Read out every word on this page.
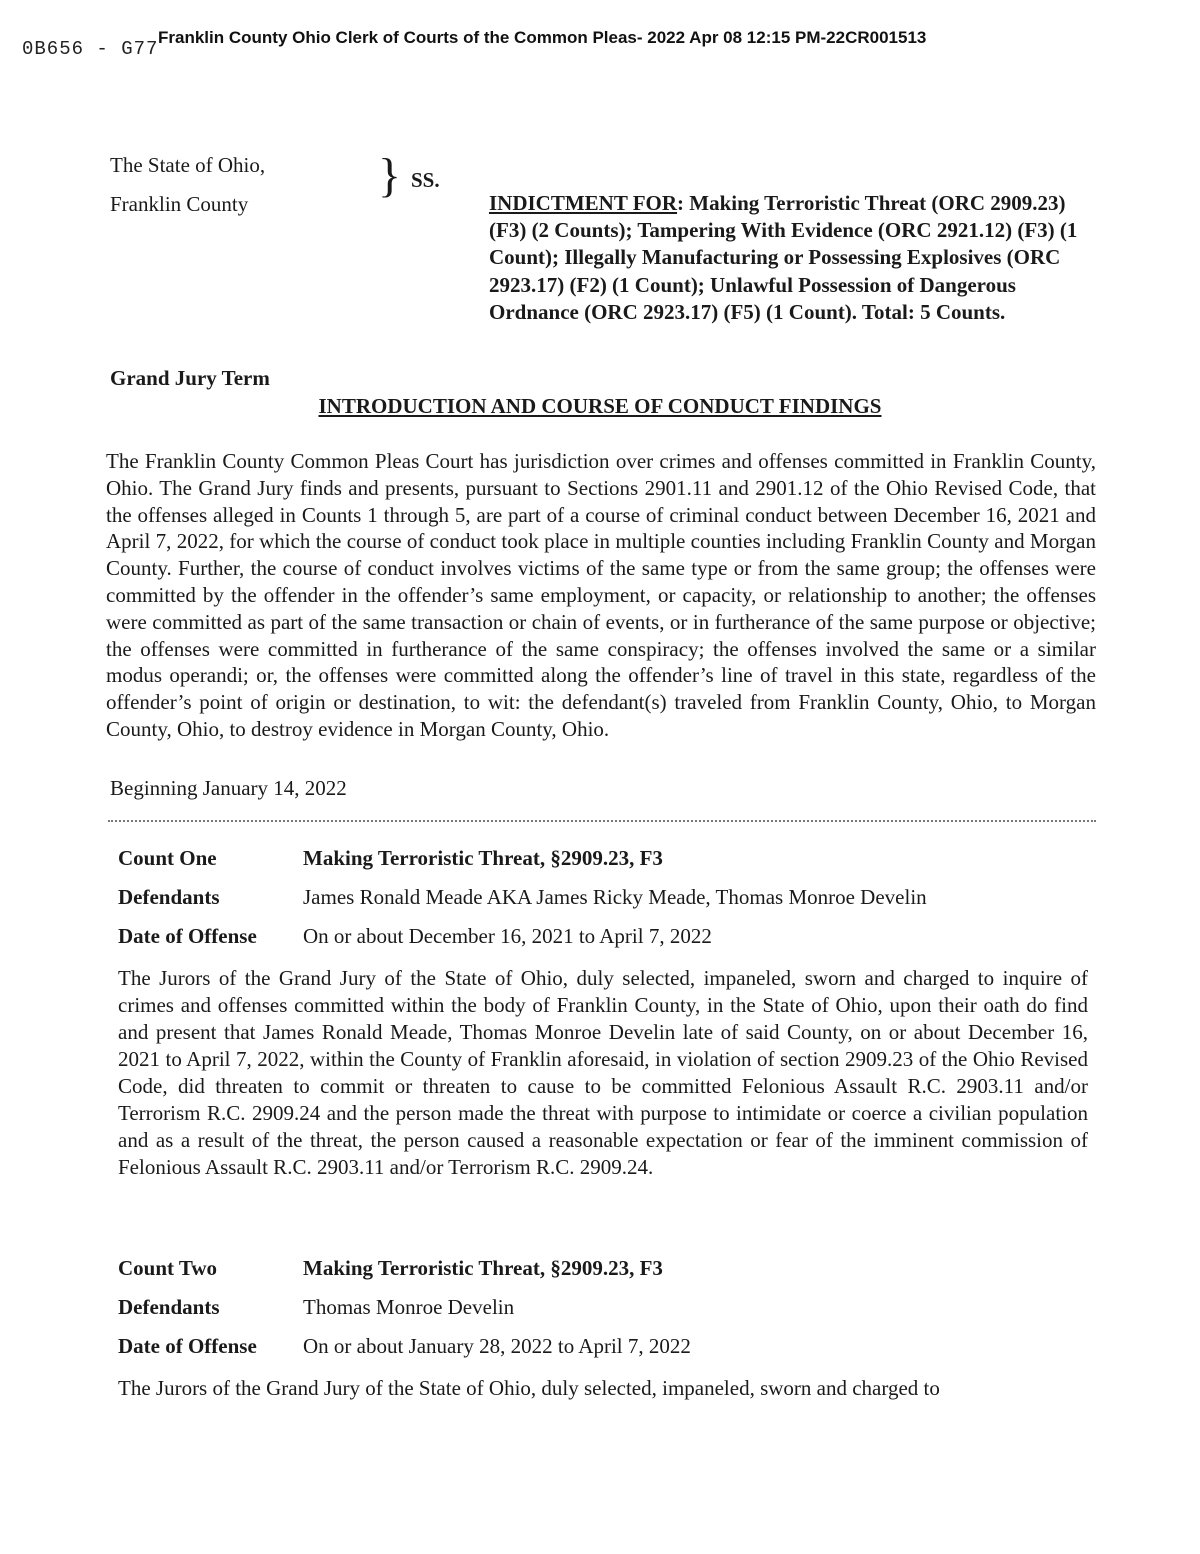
0B656 - G77
Franklin County Ohio Clerk of Courts of the Common Pleas- 2022 Apr 08 12:15 PM-22CR001513
The State of Ohio,
Franklin County
} SS.
INDICTMENT FOR: Making Terroristic Threat (ORC 2909.23) (F3) (2 Counts); Tampering With Evidence (ORC 2921.12) (F3) (1 Count); Illegally Manufacturing or Possessing Explosives (ORC 2923.17) (F2) (1 Count); Unlawful Possession of Dangerous Ordnance (ORC 2923.17) (F5) (1 Count). Total: 5 Counts.
Grand Jury Term
INTRODUCTION AND COURSE OF CONDUCT FINDINGS
The Franklin County Common Pleas Court has jurisdiction over crimes and offenses committed in Franklin County, Ohio. The Grand Jury finds and presents, pursuant to Sections 2901.11 and 2901.12 of the Ohio Revised Code, that the offenses alleged in Counts 1 through 5, are part of a course of criminal conduct between December 16, 2021 and April 7, 2022, for which the course of conduct took place in multiple counties including Franklin County and Morgan County. Further, the course of conduct involves victims of the same type or from the same group; the offenses were committed by the offender in the offender’s same employment, or capacity, or relationship to another; the offenses were committed as part of the same transaction or chain of events, or in furtherance of the same purpose or objective; the offenses were committed in furtherance of the same conspiracy; the offenses involved the same or a similar modus operandi; or, the offenses were committed along the offender’s line of travel in this state, regardless of the offender’s point of origin or destination, to wit: the defendant(s) traveled from Franklin County, Ohio, to Morgan County, Ohio, to destroy evidence in Morgan County, Ohio.
Beginning January 14, 2022
Count One	Making Terroristic Threat, §2909.23, F3
Defendants	James Ronald Meade AKA James Ricky Meade, Thomas Monroe Develin
Date of Offense	On or about December 16, 2021 to April 7, 2022
The Jurors of the Grand Jury of the State of Ohio, duly selected, impaneled, sworn and charged to inquire of crimes and offenses committed within the body of Franklin County, in the State of Ohio, upon their oath do find and present that James Ronald Meade, Thomas Monroe Develin late of said County, on or about December 16, 2021 to April 7, 2022, within the County of Franklin aforesaid, in violation of section 2909.23 of the Ohio Revised Code, did threaten to commit or threaten to cause to be committed Felonious Assault R.C. 2903.11 and/or Terrorism R.C. 2909.24 and the person made the threat with purpose to intimidate or coerce a civilian population and as a result of the threat, the person caused a reasonable expectation or fear of the imminent commission of Felonious Assault R.C. 2903.11 and/or Terrorism R.C. 2909.24.
Count Two	Making Terroristic Threat, §2909.23, F3
Defendants	Thomas Monroe Develin
Date of Offense	On or about January 28, 2022 to April 7, 2022
The Jurors of the Grand Jury of the State of Ohio, duly selected, impaneled, sworn and charged to
